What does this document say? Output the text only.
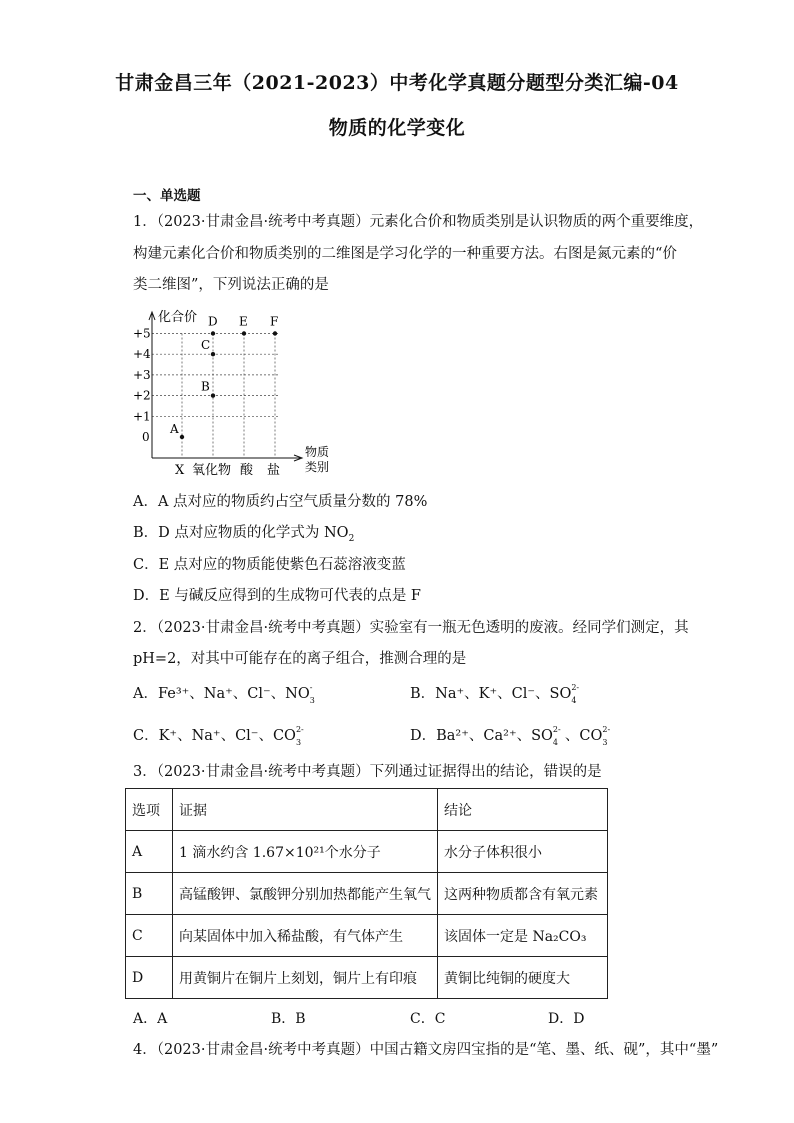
甘肃金昌三年（2021-2023）中考化学真题分题型分类汇编-04
物质的化学变化
一、单选题
1．（2023·甘肃金昌·统考中考真题）元素化合价和物质类别是认识物质的两个重要维度，
构建元素化合价和物质类别的二维图是学习化学的一种重要方法。右图是氮元素的“价
类二维图”，下列说法正确的是
+5
+4
+3
+2
+1
0
X 氧化物 酸 盐
物质
类别
A
B
C
D E F
化合价
A．A 点对应的物质约占空气质量分数的 78%
B．D 点对应物质的化学式为 $NO_2$
C．E 点对应的物质能使紫色石蕊溶液变蓝
D．E 与碱反应得到的生成物可代表的点是 F
2．（2023·甘肃金昌·统考中考真题）实验室有一瓶无色透明的废液。经同学们测定，其
pH=2，对其中可能存在的离子组合，推测合理的是
A．Fe³⁺、Na⁺、Cl⁻、NO -
3	B．Na⁺、K⁺、Cl⁻、SO 2-
4
C．K⁺、Na⁺、Cl⁻、CO 2-
3	D．Ba²⁺、Ca²⁺、SO 2-
4 、CO 2-
3
3．（2023·甘肃金昌·统考中考真题）下列通过证据得出的结论，错误的是
选项	证据	结论
A	1 滴水约含 1.67×10²¹个水分子	水分子体积很小
B	高锰酸钾、氯酸钾分别加热都能产生氧气	这两种物质都含有氧元素
C	向某固体中加入稀盐酸，有气体产生	该固体一定是 Na₂CO₃
D	用黄铜片在铜片上刻划，铜片上有印痕	黄铜比纯铜的硬度大
A．A	B．B	C．C	D．D
4．（2023·甘肃金昌·统考中考真题）中国古籍文房四宝指的是“笔、墨、纸、砚”，其中“墨”
